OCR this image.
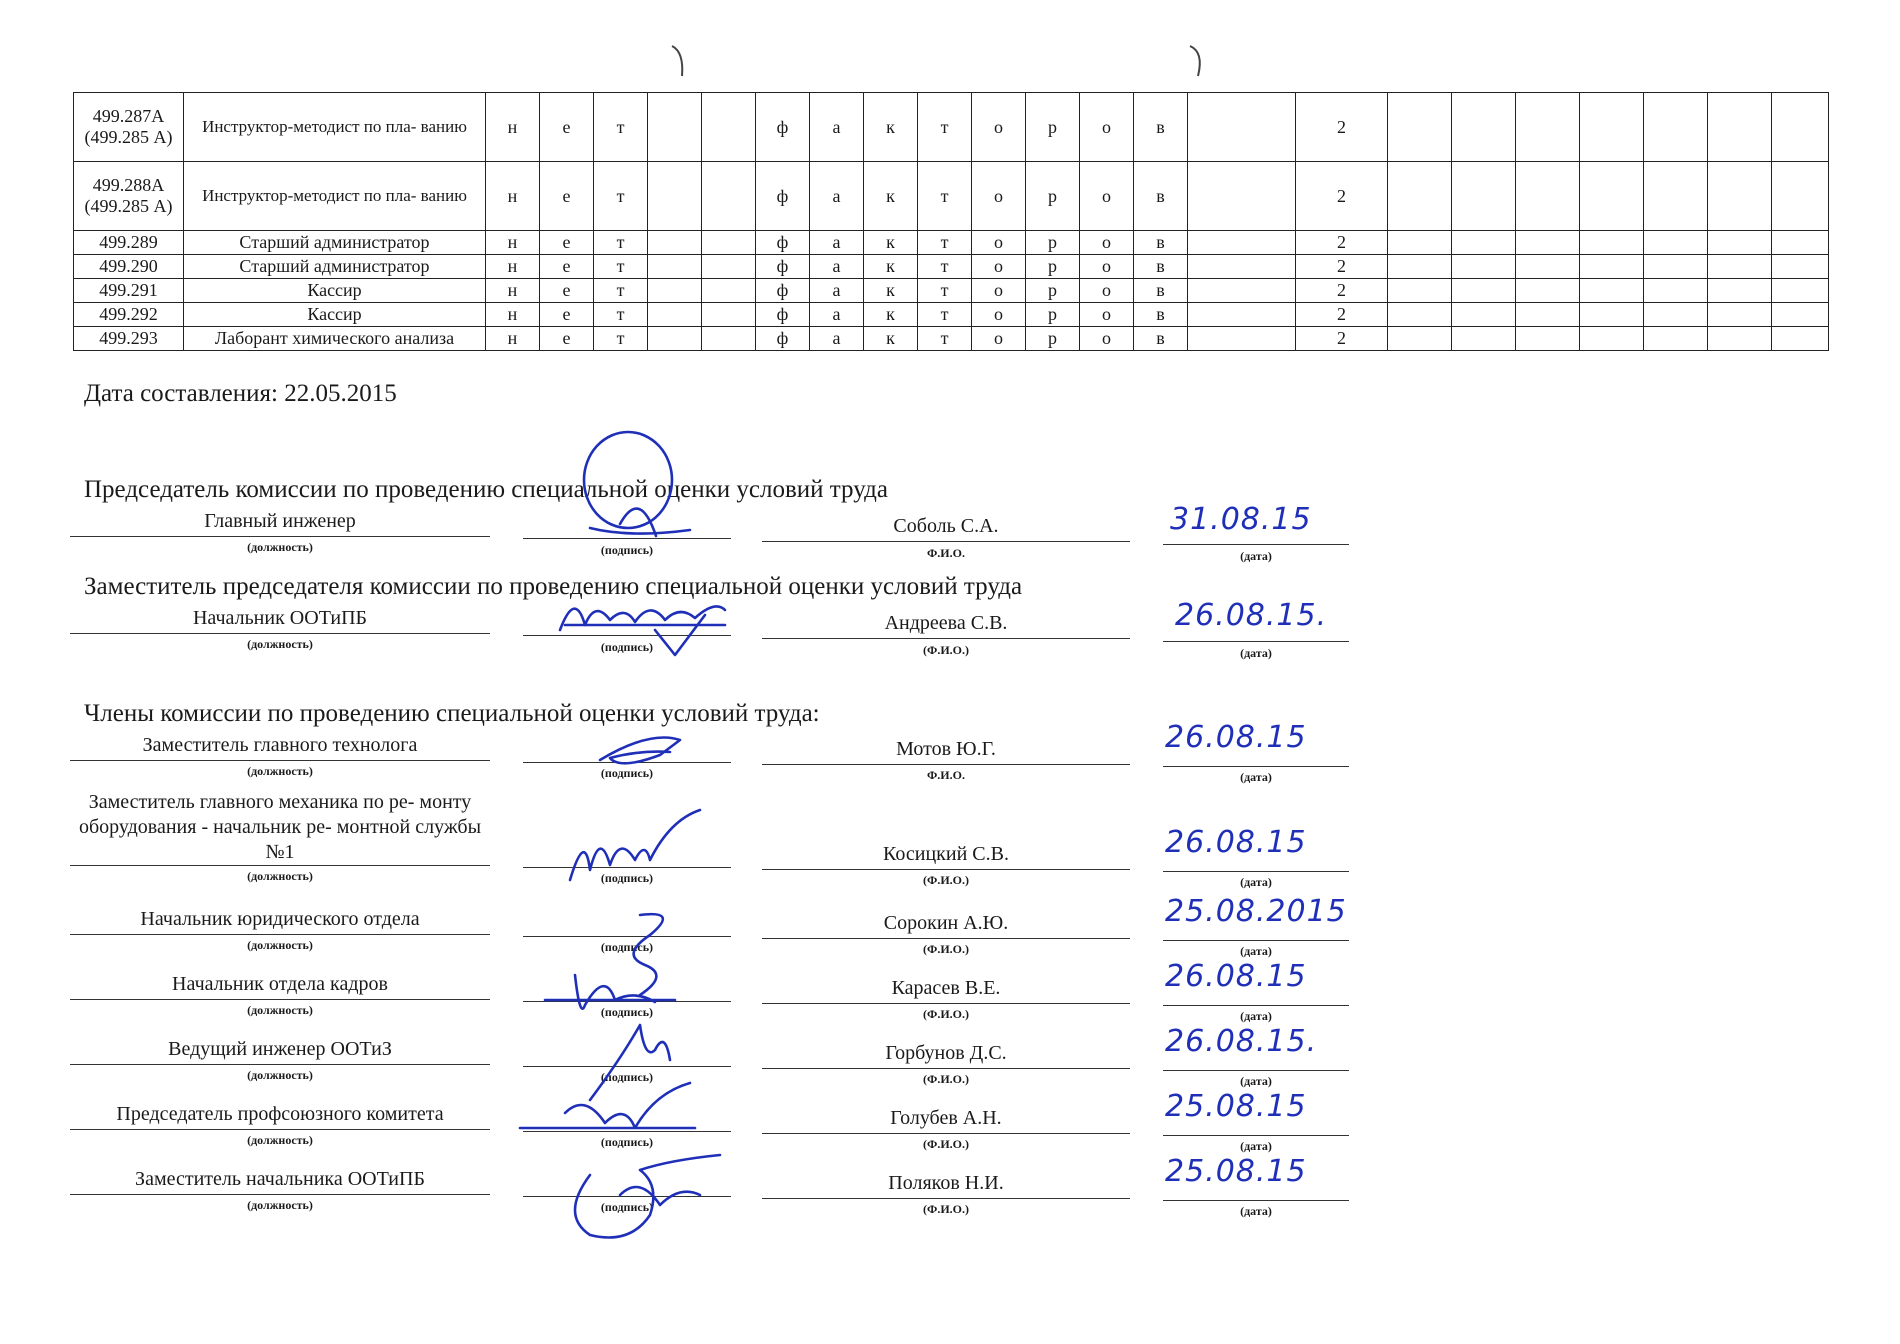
499.287А (499.285 А)	Инструктор-методист по пла- ванию	н	е	т			ф	а	к	т	о	р	о	в		2							
499.288А (499.285 А)	Инструктор-методист по пла- ванию	н	е	т			ф	а	к	т	о	р	о	в		2							
499.289	Старший администратор	н	е	т			ф	а	к	т	о	р	о	в		2							
499.290	Старший администратор	н	е	т			ф	а	к	т	о	р	о	в		2							
499.291	Кассир	н	е	т			ф	а	к	т	о	р	о	в		2							
499.292	Кассир	н	е	т			ф	а	к	т	о	р	о	в		2							
499.293	Лаборант химического анализа	н	е	т			ф	а	к	т	о	р	о	в		2							
Дата составления: 22.05.2015
Председатель комиссии по проведению специальной оценки условий труда
Главный инженер
(должность)	(подпись)
Соболь С.А.
Ф.И.О.	(дата)
31.08.15
Заместитель председателя комиссии по проведению специальной оценки условий труда
Начальник ООТиПБ
(должность)	(подпись)
Андреева С.В.
(Ф.И.О.)	(дата)
26.08.15.
Члены комиссии по проведению специальной оценки условий труда:
Заместитель главного технолога
(должность)	(подпись)
Мотов Ю.Г.
Ф.И.О.	(дата)
26.08.15
Заместитель главного механика по ре- монту оборудования - начальник ре- монтной службы №1
(должность)	(подпись)
Косицкий С.В.
(Ф.И.О.)	(дата)
26.08.15
Начальник юридического отдела
(должность)	(подпись)
Сорокин А.Ю.
(Ф.И.О.)	(дата)
25.08.2015
Начальник отдела кадров
(должность)	(подпись)
Карасев В.Е.
(Ф.И.О.)	(дата)
26.08.15
Ведущий инженер ООТиЗ
(должность)	(подпись)
Горбунов Д.С.
(Ф.И.О.)	(дата)
26.08.15.
Председатель профсоюзного комитета
(должность)	(подпись)
Голубев А.Н.
(Ф.И.О.)	(дата)
25.08.15
Заместитель начальника ООТиПБ
(должность)	(подпись)
Поляков Н.И.
(Ф.И.О.)	(дата)
25.08.15
